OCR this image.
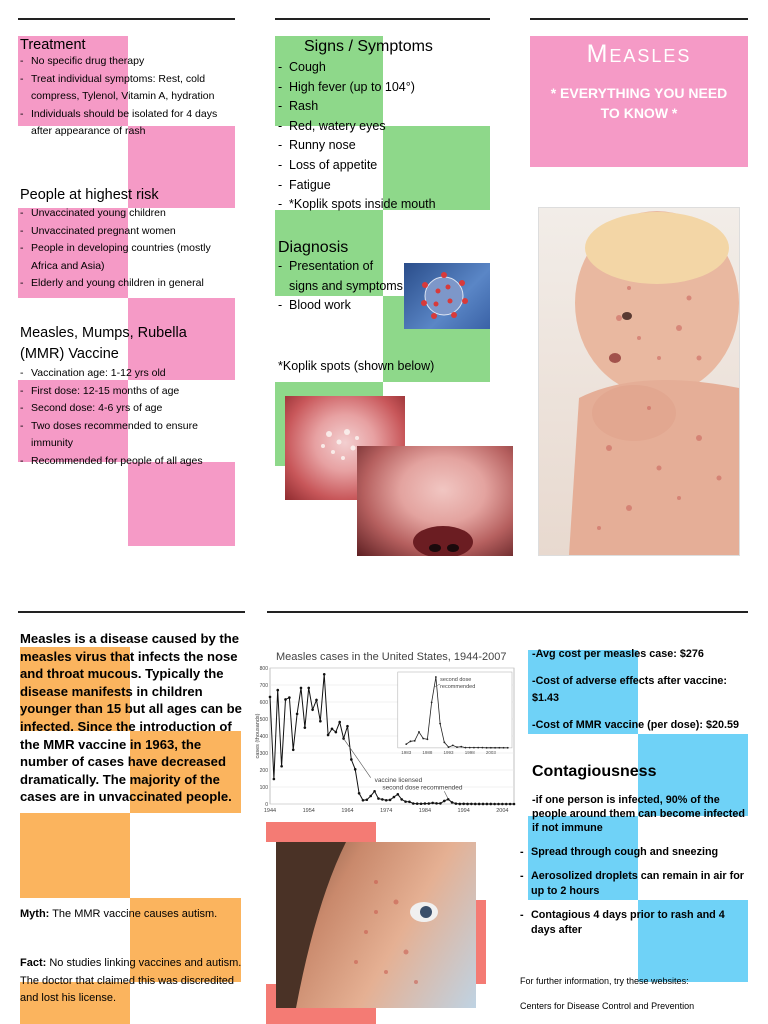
Treatment
- No specific drug therapy
- Treat individual symptoms: Rest, cold compress, Tylenol, Vitamin A, hydration
- Individuals should be isolated for 4 days after appearance of rash
People at highest risk
- Unvaccinated young children
- Unvaccinated pregnant women
- People in developing countries (mostly Africa and Asia)
- Elderly and young children in general
Measles, Mumps, Rubella (MMR) Vaccine
- Vaccination age: 1-12 yrs old
- First dose: 12-15 months of age
- Second dose: 4-6 yrs of age
- Two doses recommended to ensure immunity
- Recommended for people of all ages
Signs / Symptoms
- Cough
- High fever (up to 104°)
- Rash
- Red, watery eyes
- Runny nose
- Loss of appetite
- Fatigue
- *Koplik spots inside mouth
Diagnosis
- Presentation of signs and symptoms
- Blood work
*Koplik spots (shown below)
Measles
* EVERYTHING YOU NEED TO KNOW *
Measles is a disease caused by the measles virus that infects the nose and throat mucous. Typically the disease manifests in children younger than 15 but all ages can be infected. Since the introduction of the MMR vaccine in 1963, the number of cases have decreased dramatically. The majority of the cases are in unvaccinated people.
Myth: The MMR vaccine causes autism.
Fact: No studies linking vaccines and autism. The doctor that claimed this was discredited and lost his license.
Measles cases in the United States, 1944-2007
0
100
200
300
400
500
600
700
800
1944	1954	1964	1974	1984	1994	2004
cases (thousands)
vaccine licensed
second dose recommended
1983 1988 1993 1998 2003
second dose
recommended
-Avg cost per measles case: $276
-Cost of adverse effects after vaccine: $1.43
-Cost of MMR vaccine (per dose): $20.59
Contagiousness
-if one person is infected, 90% of the people around them can become infected if not immune
- Spread through cough and sneezing
- Aerosolized droplets can remain in air for up to 2 hours
- Contagious 4 days prior to rash and 4 days after
For further information, try these websites:
Centers for Disease Control and Prevention
